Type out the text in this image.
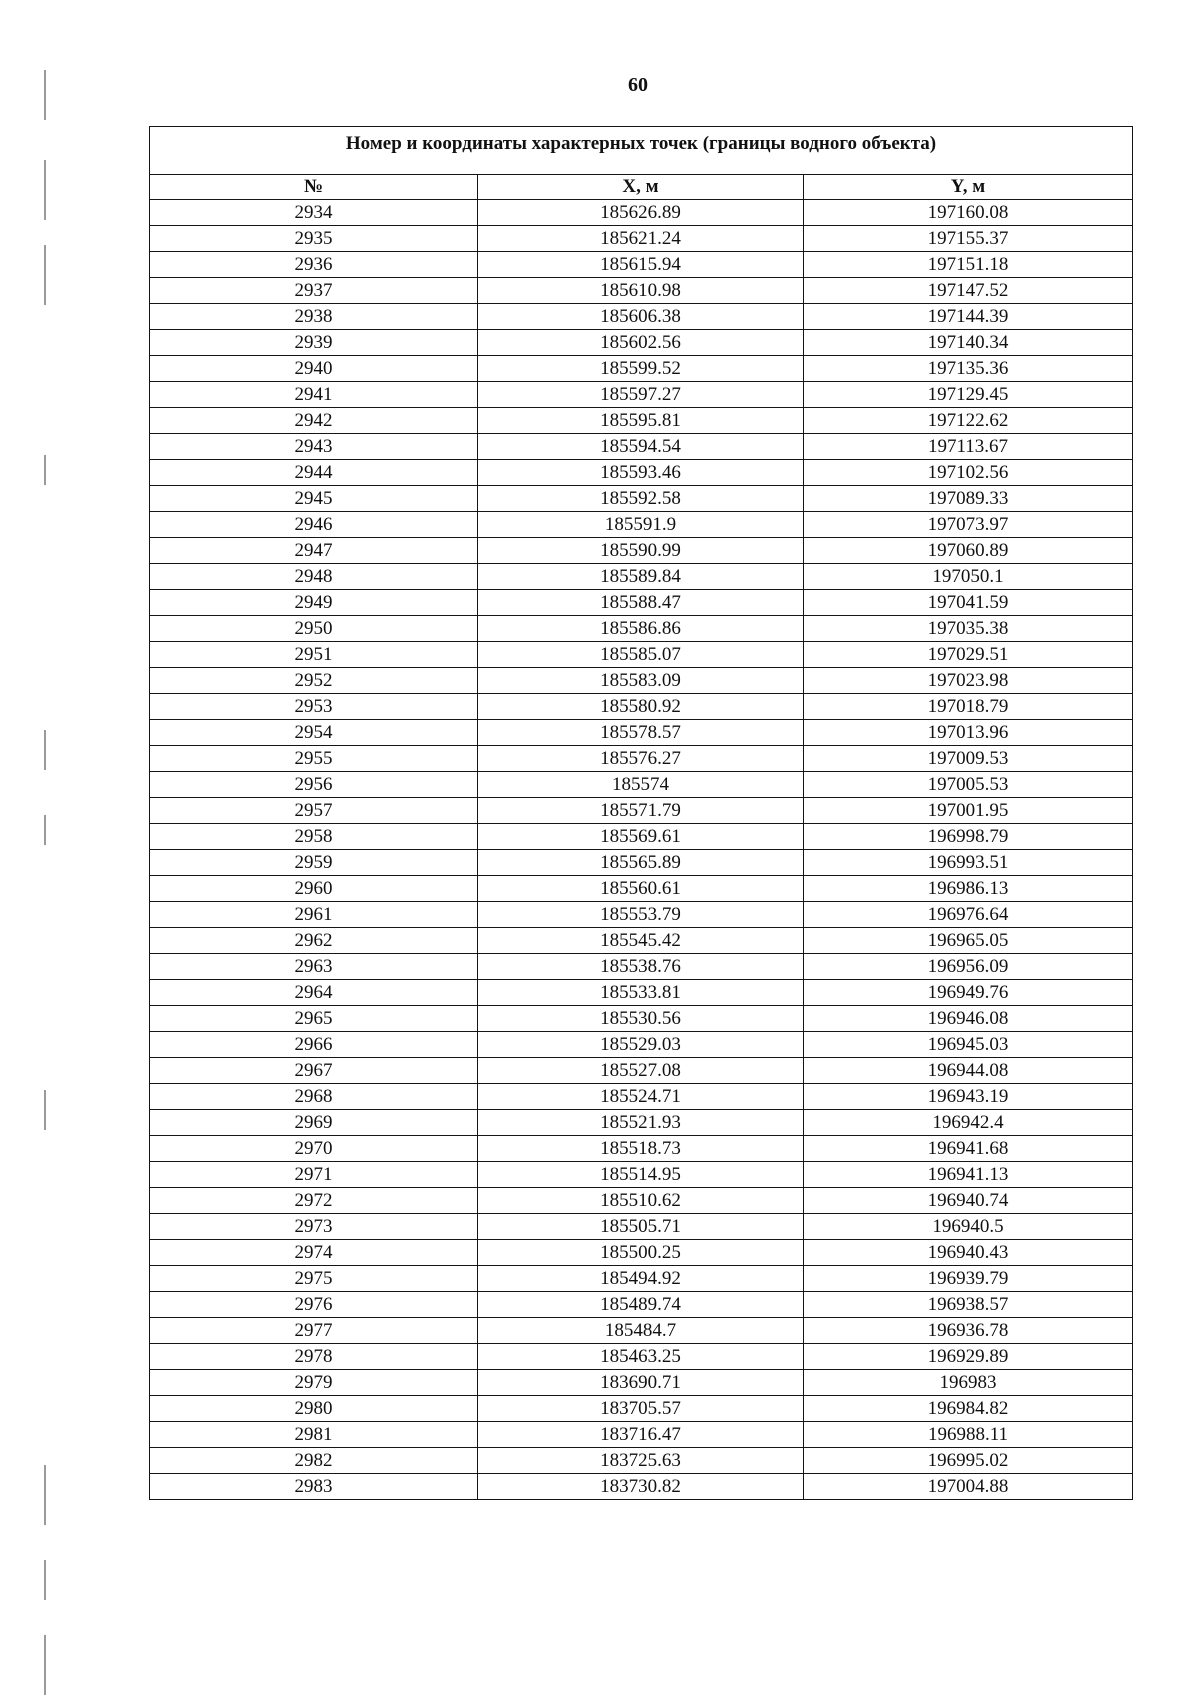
60
Номер и координаты характерных точек (границы водного объекта)		
№	X, м	Y, м
2934	185626.89	197160.08
2935	185621.24	197155.37
2936	185615.94	197151.18
2937	185610.98	197147.52
2938	185606.38	197144.39
2939	185602.56	197140.34
2940	185599.52	197135.36
2941	185597.27	197129.45
2942	185595.81	197122.62
2943	185594.54	197113.67
2944	185593.46	197102.56
2945	185592.58	197089.33
2946	185591.9	197073.97
2947	185590.99	197060.89
2948	185589.84	197050.1
2949	185588.47	197041.59
2950	185586.86	197035.38
2951	185585.07	197029.51
2952	185583.09	197023.98
2953	185580.92	197018.79
2954	185578.57	197013.96
2955	185576.27	197009.53
2956	185574	197005.53
2957	185571.79	197001.95
2958	185569.61	196998.79
2959	185565.89	196993.51
2960	185560.61	196986.13
2961	185553.79	196976.64
2962	185545.42	196965.05
2963	185538.76	196956.09
2964	185533.81	196949.76
2965	185530.56	196946.08
2966	185529.03	196945.03
2967	185527.08	196944.08
2968	185524.71	196943.19
2969	185521.93	196942.4
2970	185518.73	196941.68
2971	185514.95	196941.13
2972	185510.62	196940.74
2973	185505.71	196940.5
2974	185500.25	196940.43
2975	185494.92	196939.79
2976	185489.74	196938.57
2977	185484.7	196936.78
2978	185463.25	196929.89
2979	183690.71	196983
2980	183705.57	196984.82
2981	183716.47	196988.11
2982	183725.63	196995.02
2983	183730.82	197004.88
